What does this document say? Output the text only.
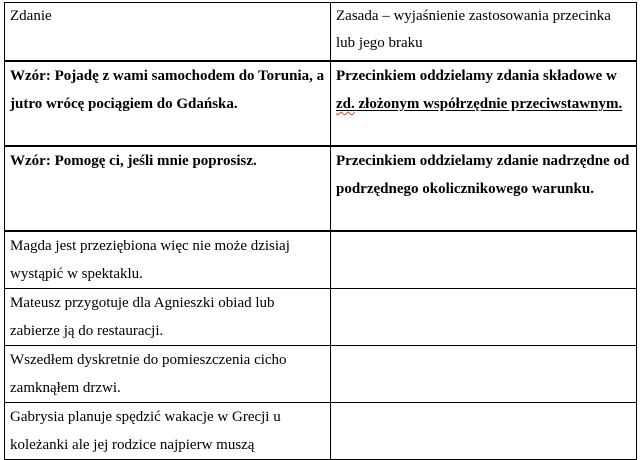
Zdanie	Zasada – wyjaśnienie zastosowania przecinka lub jego braku
Wzór: Pojadę z wami samochodem do Torunia, a jutro wrócę pociągiem do Gdańska.	Przecinkiem oddzielamy zdania składowe w zd. złożonym współrzędnie przeciwstawnym.
Wzór: Pomogę ci, jeśli mnie poprosisz.	Przecinkiem oddzielamy zdanie nadrzędne od podrzędnego okolicznikowego warunku.
Magda jest przeziębiona więc nie może dzisiaj wystąpić w spektaklu.	
Mateusz przygotuje dla Agnieszki obiad lub zabierze ją do restauracji.	
Wszedłem dyskretnie do pomieszczenia cicho zamknąłem drzwi.	
Gabrysia planuje spędzić wakacje w Grecji u koleżanki ale jej rodzice najpierw muszą	
